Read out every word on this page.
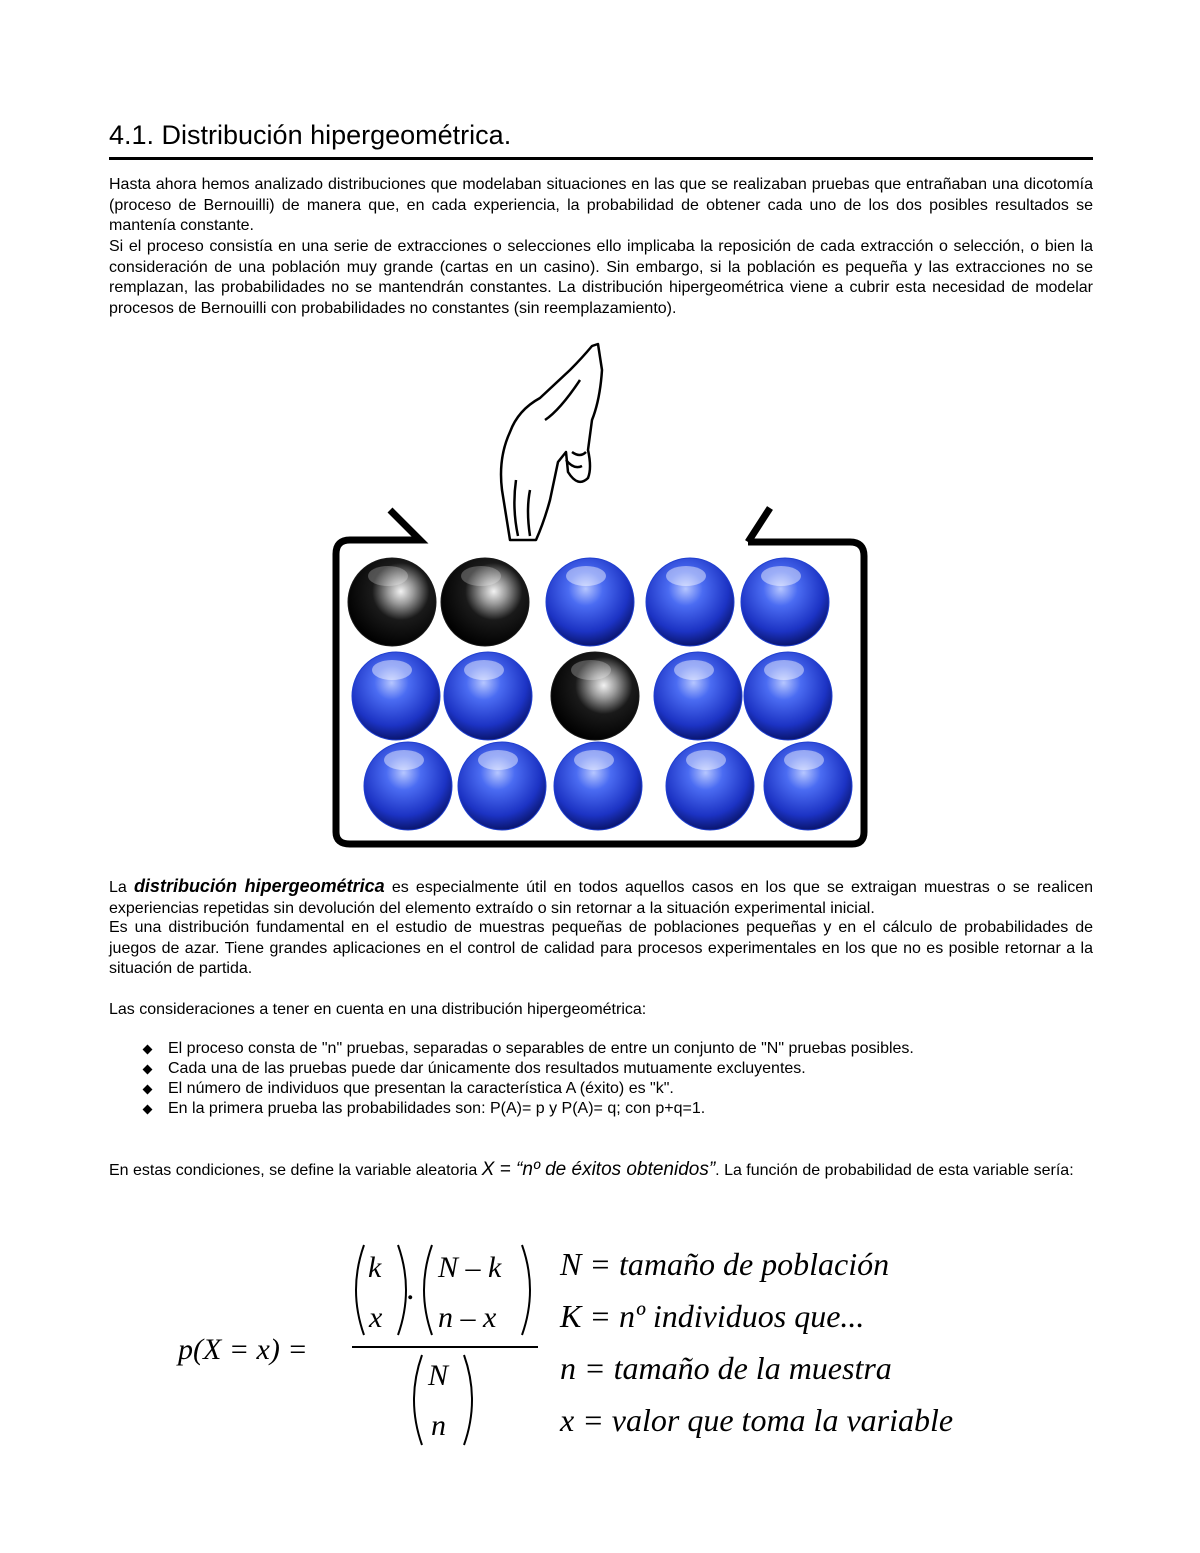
4.1. Distribución hipergeométrica.

Hasta ahora hemos analizado distribuciones que modelaban situaciones en las que se realizaban pruebas que entrañaban una dicotomía (proceso de Bernouilli) de manera que, en cada experiencia, la probabilidad de obtener cada uno de los dos posibles resultados se mantenía constante.

Si el proceso consistía en una serie de extracciones o selecciones ello implicaba la reposición de cada extracción o selección, o bien la consideración de una población muy grande (cartas en un casino). Sin embargo, si la población es pequeña y las extracciones no se remplazan, las probabilidades no se mantendrán constantes. La distribución hipergeométrica viene a cubrir esta necesidad de modelar procesos de Bernouilli con probabilidades no constantes (sin reemplazamiento).

La distribución hipergeométrica es especialmente útil en todos aquellos casos en los que se extraigan muestras o se realicen experiencias repetidas sin devolución del elemento extraído o sin retornar a la situación experimental inicial.

Es una distribución fundamental en el estudio de muestras pequeñas de poblaciones pequeñas y en el cálculo de probabilidades de juegos de azar. Tiene grandes aplicaciones en el control de calidad para procesos experimentales en los que no es posible retornar a la situación de partida.

Las consideraciones a tener en cuenta en una distribución hipergeométrica:

El proceso consta de "n" pruebas, separadas o separables de entre un conjunto de "N" pruebas posibles.
Cada una de las pruebas puede dar únicamente dos resultados mutuamente excluyentes.
El número de individuos que presentan la característica A (éxito) es "k".
En la primera prueba las probabilidades son: P(A)= p y P(A)= q; con p+q=1.

En estas condiciones, se define la variable aleatoria X = “nº de éxitos obtenidos”. La función de probabilidad de esta variable sería:

p(X = x) =
k
x
.
N – k
n – x
N
n
N = tamaño de población
K = nº individuos que...
n = tamaño de la muestra
x = valor que toma la variable
